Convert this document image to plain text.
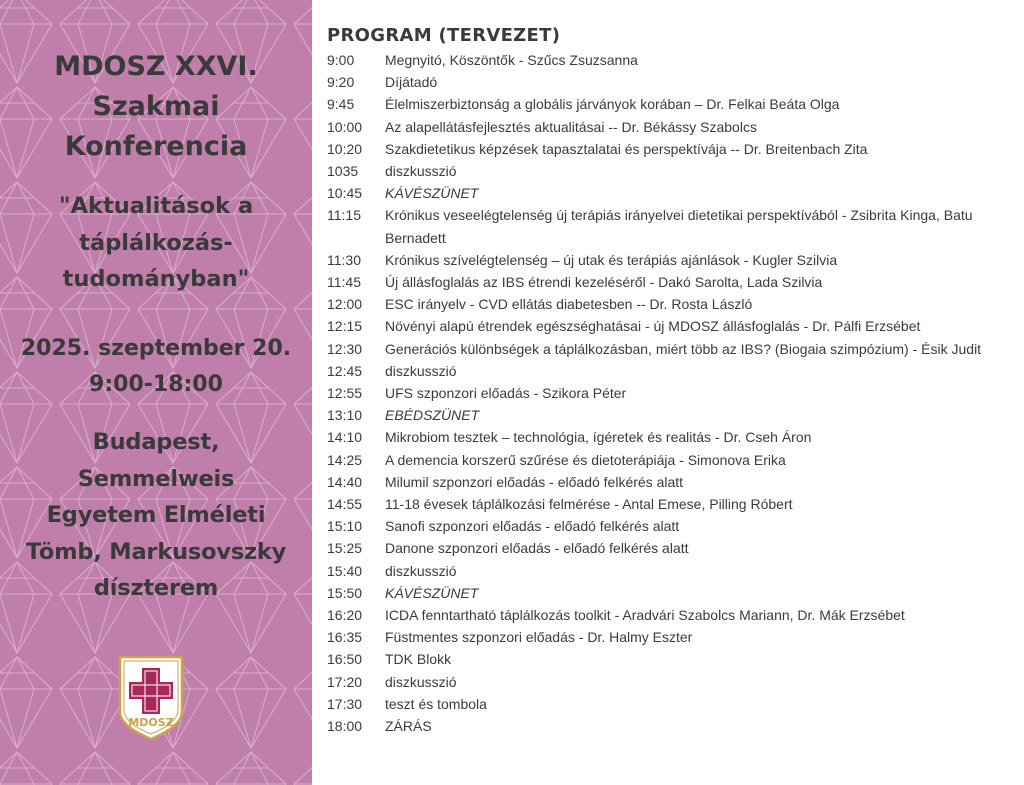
MDOSZ XXVI.
Szakmai
Konferencia
"Aktualitások a
táplálkozás-
tudományban"
2025. szeptember 20.
9:00-18:00
Budapest,
Semmelweis
Egyetem Elméleti
Tömb, Markusovszky
díszterem
MDOSZ
PROGRAM (TERVEZET)
9:00	Megnyitó, Köszöntők - Szűcs Zsuzsanna
9:20	Díjátadó
9:45	Élelmiszerbiztonság a globális járványok korában – Dr. Felkai Beáta Olga
10:00	Az alapellátásfejlesztés aktualitásai -- Dr. Békássy Szabolcs
10:20	Szakdietetikus képzések tapasztalatai és perspektívája -- Dr. Breitenbach Zita
1035	diszkusszió
10:45	KÁVÉSZÜNET
11:15	Krónikus veseelégtelenség új terápiás irányelvei dietetikai perspektívából - Zsibrita Kinga, Batu Bernadett
11:30	Krónikus szívelégtelenség – új utak és terápiás ajánlások - Kugler Szilvia
11:45	Új állásfoglalás az IBS étrendi kezeléséről - Dakó Sarolta, Lada Szilvia
12:00	ESC irányelv - CVD ellátás diabetesben -- Dr. Rosta László
12:15	Növényi alapú étrendek egészséghatásai - új MDOSZ állásfoglalás - Dr. Pálfi Erzsébet
12:30	Generációs különbségek a táplálkozásban, miért több az IBS? (Biogaia szimpózium) - Ésik Judit
12:45	diszkusszió
12:55	UFS szponzori előadás - Szikora Péter
13:10	EBÉDSZÜNET
14:10	Mikrobiom tesztek – technológia, ígéretek és realitás - Dr. Cseh Áron
14:25	A demencia korszerű szűrése és dietoterápiája - Simonova Erika
14:40	Milumil szponzori előadás - előadó felkérés alatt
14:55	11-18 évesek táplálkozási felmérése - Antal Emese, Pilling Róbert
15:10	Sanofi szponzori előadás - előadó felkérés alatt
15:25	Danone szponzori előadás - előadó felkérés alatt
15:40	diszkusszió
15:50	KÁVÉSZÜNET
16:20	ICDA fenntartható táplálkozás toolkit - Aradvári Szabolcs Mariann, Dr. Mák Erzsébet
16:35	Füstmentes szponzori előadás - Dr. Halmy Eszter
16:50	TDK Blokk
17:20	diszkusszió
17:30	teszt és tombola
18:00	ZÁRÁS
